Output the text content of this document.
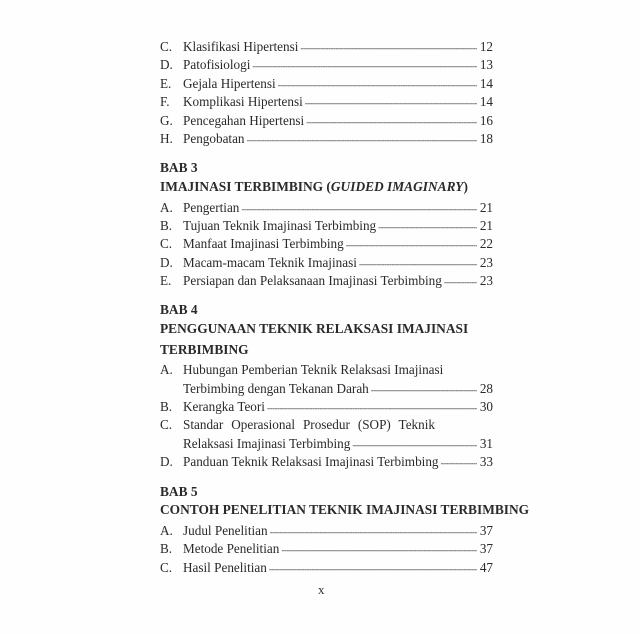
C. Klasifikasi Hipertensi -----	12
D. Patofisiologi -----	13
E. Gejala Hipertensi -----	14
F.	Komplikasi Hipertensi -----	14
G. Pencegahan Hipertensi -----	16
H. Pengobatan -----	18
BAB 3
IMAJINASI TERBIMBING (GUIDED IMAGINARY)
A. Pengertian -----	21
B. Tujuan Teknik Imajinasi Terbimbing -----	21
C. Manfaat Imajinasi Terbimbing -----	22
D. Macam-macam Teknik Imajinasi -----	23
E. Persiapan dan Pelaksanaan Imajinasi Terbimbing -----	23
BAB 4
PENGGUNAAN TEKNIK RELAKSASI IMAJINASI
TERBIMBING
A. Hubungan Pemberian Teknik Relaksasi Imajinasi
Terbimbing dengan Tekanan Darah -----	28
B. Kerangka Teori -----	30
C. Standar Operasional Prosedur (SOP) Teknik
Relaksasi Imajinasi Terbimbing -----	31
D. Panduan Teknik Relaksasi Imajinasi Terbimbing -----	33
BAB 5
CONTOH PENELITIAN TEKNIK IMAJINASI TERBIMBING
A. Judul Penelitian -----	37
B. Metode Penelitian -----	37
C. Hasil Penelitian -----	47
x
